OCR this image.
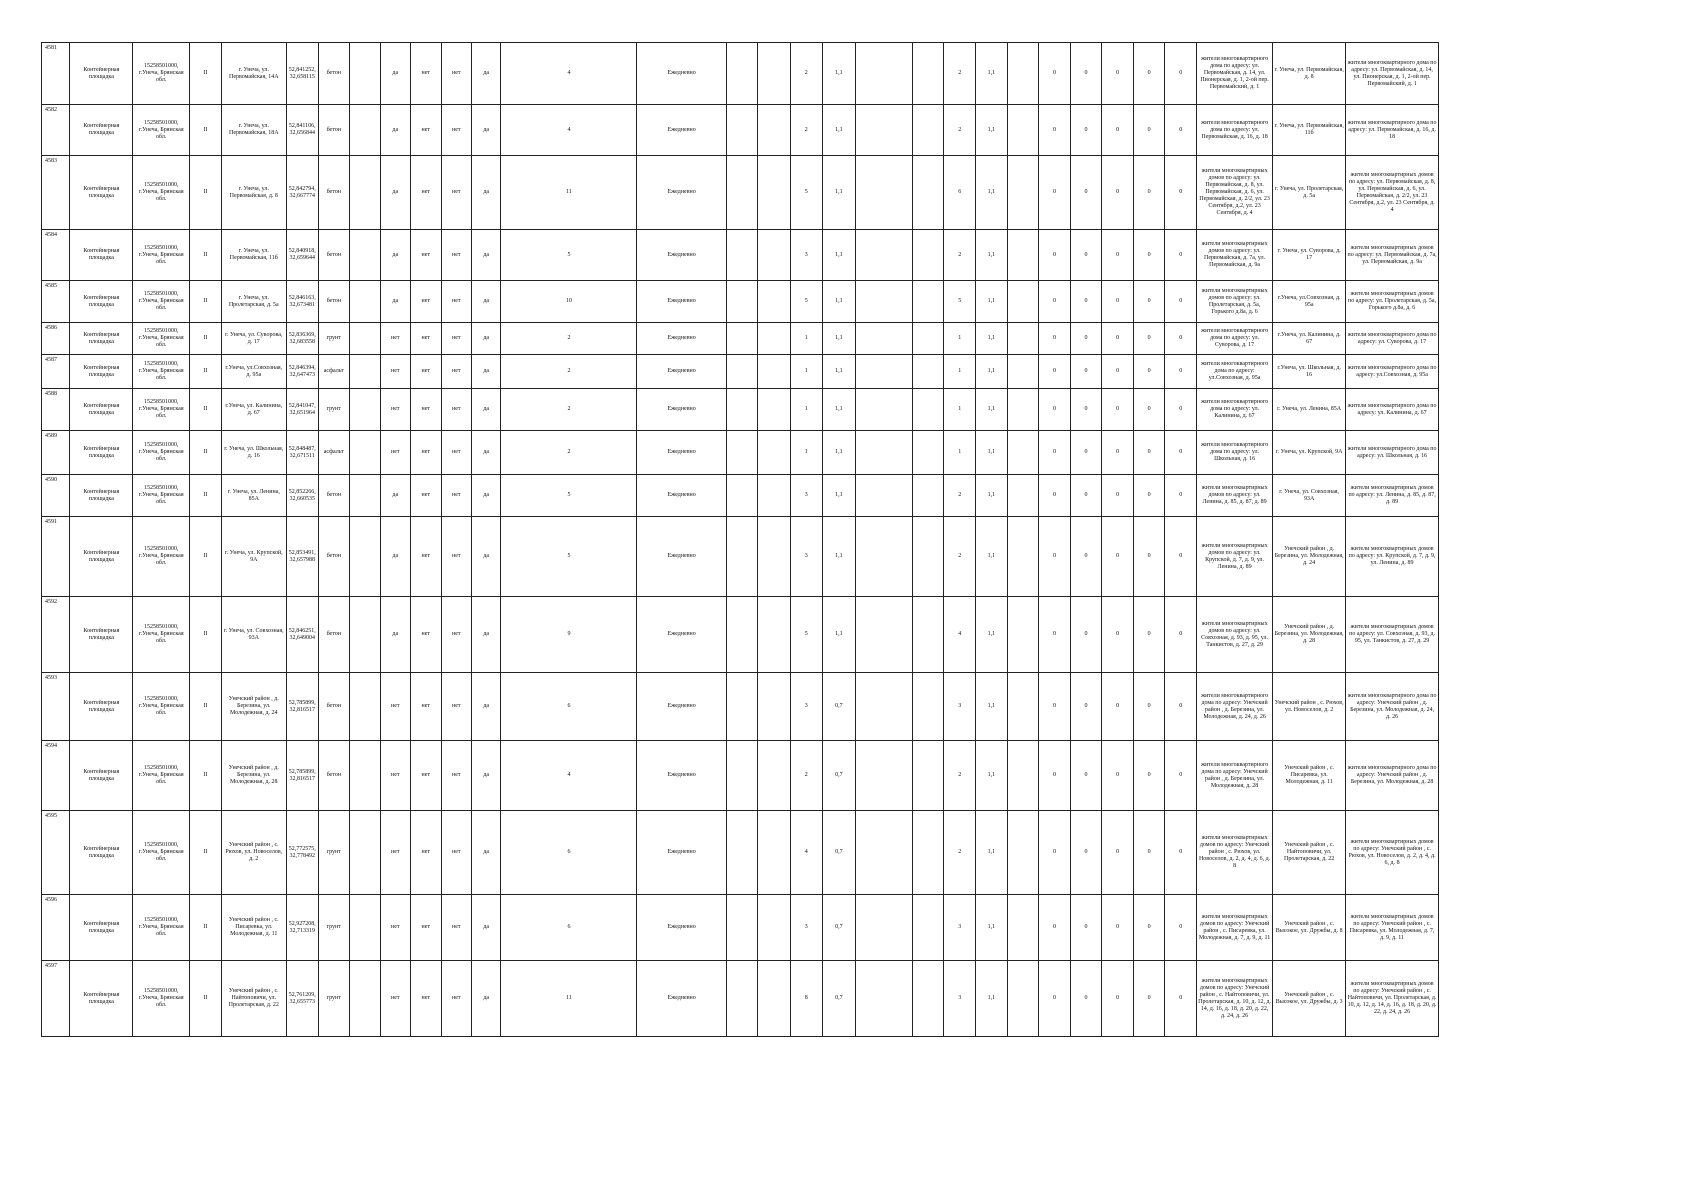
4581	Контейнерная площадка	15258501000, г.Унеча, Брянская обл.	II	г. Унеча, ул. Первомайская, 14А	52,841252, 32,658115	бетон		да	нет	нет	да	4	Ежедневно			2	1,1			2	1,1		0	0	0	0	0	жители многоквартирного дома по адресу: ул. Первомайская, д. 14, ул. Пионерская, д. 1, 2-ой пер. Первомайский, д. 1	г. Унеча, ул. Первомайская, д. 8	жители многоквартирного дома по адресу: ул. Первомайская, д. 14, ул. Пионерская, д. 1, 2-ой пер. Первомайский, д. 1
4582	Контейнерная площадка	15258501000, г.Унеча, Брянская обл.	II	г. Унеча, ул. Первомайская, 18А	52,841106, 32,656844	бетон		да	нет	нет	да	4	Ежедневно			2	1,1			2	1,1		0	0	0	0	0	жители многоквартирного дома по адресу: ул. Первомайская, д. 16, д. 18	г. Унеча, ул. Первомайская, 11б	жители многоквартирного дома по адресу: ул. Первомайская, д. 16, д. 18
4583	Контейнерная площадка	15258501000, г.Унеча, Брянская обл.	II	г. Унеча, ул. Первомайская, д. 8	52,842794, 32,667774	бетон		да	нет	нет	да	11	Ежедневно			5	1,1			6	1,1		0	0	0	0	0	жители многоквартирных домов по адресу: ул. Первомайская, д. 8, ул. Первомайская, д. 6, ул. Первомайская, д. 2/2, ул. 23 Сентября, д.2, ул. 23 Сентября, д. 4	г. Унеча, ул. Пролетарская, д. 5а	жители многоквартирных домов по адресу: ул. Первомайская, д. 8, ул. Первомайская, д. 6, ул. Первомайская, д. 2/2, ул. 23 Сентября, д.2, ул. 23 Сентября, д. 4
4584	Контейнерная площадка	15258501000, г.Унеча, Брянская обл.	II	г. Унеча, ул. Первомайская, 11б	52,840918, 32,659644	бетон		да	нет	нет	да	5	Ежедневно			3	1,1			2	1,1		0	0	0	0	0	жители многоквартирных домов по адресу: ул. Первомайская, д. 7а, ул. Первомайская, д. 9а	г. Унеча, ул. Суворова, д. 17	жители многоквартирных домов по адресу: ул. Первомайская, д. 7а, ул. Первомайская, д. 9а
4585	Контейнерная площадка	15258501000, г.Унеча, Брянская обл.	II	г. Унеча, ул. Пролетарская, д. 5а	52,846163, 32,673481	бетон		да	нет	нет	да	10	Ежедневно			5	1,1			5	1,1		0	0	0	0	0	жители многоквартирных домов по адресу: ул. Пролетарская, д. 5а, Горького д.8а, д. 6	г.Унеча, ул.Совхозная, д. 95а	жители многоквартирных домов по адресу: ул. Пролетарская, д. 5а, Горького д.8а, д. 6
4586	Контейнерная площадка	15258501000, г.Унеча, Брянская обл.	II	г. Унеча, ул. Суворова, д. 17	52,836369, 32,683558	грунт		нет	нет	нет	да	2	Ежедневно			1	1,1			1	1,1		0	0	0	0	0	жители многоквартирного дома по адресу: ул. Суворова, д. 17	г.Унеча, ул. Калинина, д. 67	жители многоквартирного дома по адресу: ул. Суворова, д. 17
4587	Контейнерная площадка	15258501000, г.Унеча, Брянская обл.	II	г.Унеча, ул.Совхозная, д. 95а	52,846394, 32,647473	асфальт		нет	нет	нет	да	2	Ежедневно			1	1,1			1	1,1		0	0	0	0	0	жители многоквартирного дома по адресу: ул.Совхозная, д. 95а	г.Унеча, ул. Школьная, д. 16	жители многоквартирного дома по адресу: ул.Совхозная, д. 95а
4588	Контейнерная площадка	15258501000, г.Унеча, Брянская обл.	II	г.Унеча, ул. Калинина, д. 67	52,841047, 32,651964	грунт		нет	нет	нет	да	2	Ежедневно			1	1,1			1	1,1		0	0	0	0	0	жители многоквартирного дома по адресу: ул. Калинина, д. 67	г. Унеча, ул. Ленина, 85А	жители многоквартирного дома по адресу: ул. Калинина, д. 67
4589	Контейнерная площадка	15258501000, г.Унеча, Брянская обл.	II	г. Унеча, ул. Школьная, д. 16	52,848487, 32,671511	асфальт		нет	нет	нет	да	2	Ежедневно			1	1,1			1	1,1		0	0	0	0	0	жители многоквартирного дома по адресу: ул. Школьная, д. 16	г. Унеча, ул. Крупской, 9А	жители многоквартирного дома по адресу: ул. Школьная, д. 16
4590	Контейнерная площадка	15258501000, г.Унеча, Брянская обл.	II	г. Унеча, ул. Ленина, 85А	52,852266, 32,660535	бетон		да	нет	нет	да	5	Ежедневно			3	1,1			2	1,1		0	0	0	0	0	жители многоквартирных домов по адресу: ул. Ленина, д. 85, д. 87, д. 89	г. Унеча, ул. Совхозная, 93А	жители многоквартирных домов по адресу: ул. Ленина, д. 85, д. 87, д. 89
4591	Контейнерная площадка	15258501000, г.Унеча, Брянская обл.	II	г. Унеча, ул. Крупской, 9А	52,853491, 32,657988	бетон		да	нет	нет	да	5	Ежедневно			3	1,1			2	1,1		0	0	0	0	0	жители многоквартирных домов по адресу: ул. Крупской, д. 7, д. 9, ул. Ленина, д. 89	Унечский район , д. Березина, ул. Молодежная, д. 24	жители многоквартирных домов по адресу: ул. Крупской, д. 7, д. 9, ул. Ленина, д. 89
4592	Контейнерная площадка	15258501000, г.Унеча, Брянская обл.	II	г. Унеча, ул. Совхозная, 93А	52,846251, 32,649004	бетон		да	нет	нет	да	9	Ежедневно			5	1,1			4	1,1		0	0	0	0	0	жители многоквартирных домов по адресу: ул. Совхозная, д. 93, д. 95, ул. Танкистов, д. 27, д. 29	Унечский район , д. Березина, ул. Молодежная, д. 28	жители многоквартирных домов по адресу: ул. Совхозная, д. 93, д. 95, ул. Танкистов, д. 27, д. 29
4593	Контейнерная площадка	15258501000, г.Унеча, Брянская обл.	II	Унечский район , д. Березина, ул. Молодежная, д. 24	52,785899, 32,816517	бетон		нет	нет	нет	да	6	Ежедневно			3	0,7			3	1,1		0	0	0	0	0	жители многоквартирного дома по адресу: Унечский район , д. Березина, ул. Молодежная, д. 24, д. 26	Унечский район , с. Рюхов, ул. Новоселов, д. 2	жители многоквартирного дома по адресу: Унечский район , д. Березина, ул. Молодежная, д. 24, д. 26
4594	Контейнерная площадка	15258501000, г.Унеча, Брянская обл.	II	Унечский район , д. Березина, ул. Молодежная, д. 28	52,785899, 32,816517	бетон		нет	нет	нет	да	4	Ежедневно			2	0,7			2	1,1		0	0	0	0	0	жители многоквартирного дома по адресу: Унечский район , д. Березина, ул. Молодежная, д. 28	Унечский район , с. Писаревка, ул. Молодежная, д. 11	жители многоквартирного дома по адресу: Унечский район , д. Березина, ул. Молодежная, д. 28
4595	Контейнерная площадка	15258501000, г.Унеча, Брянская обл.	II	Унечский район , с. Рюхов, ул. Новоселов, д. 2	52,772575, 32,778492	грунт		нет	нет	нет	да	6	Ежедневно			4	0,7			2	1,1		0	0	0	0	0	жители многоквартирных домов по адресу: Унечский район , с. Рюхов, ул. Новоселов, д. 2, д. 4, д. 6, д. 8	Унечский район , с. Найтоповичи, ул. Пролетарская, д. 22	жители многоквартирных домов по адресу: Унечский район , с. Рюхов, ул. Новоселов, д. 2, д. 4, д. 6, д. 8
4596	Контейнерная площадка	15258501000, г.Унеча, Брянская обл.	II	Унечский район , с. Писаревка, ул. Молодежная, д. 11	52,927208, 32,713319	грунт		нет	нет	нет	да	6	Ежедневно			3	0,7			3	1,1		0	0	0	0	0	жители многоквартирных домов по адресу: Унечский район , с. Писаревка, ул. Молодежная, д. 7, д. 9, д. 11	Унечский район , с. Высокое, ул. Дружбы, д. 8	жители многоквартирных домов по адресу: Унечский район , с. Писаревка, ул. Молодежная, д. 7, д. 9, д. 11
4597	Контейнерная площадка	15258501000, г.Унеча, Брянская обл.	II	Унечский район , с. Найтоповичи, ул. Пролетарская, д. 22	52,761209, 32,655773	грунт		нет	нет	нет	да	11	Ежедневно			8	0,7			3	1,1		0	0	0	0	0	жители многоквартирных домов по адресу: Унечский район , с. Найтоповичи, ул. Пролетарская, д. 10, д. 12, д. 14, д. 16, д. 18, д. 20, д. 22, д. 24, д. 26	Унечский район , с. Высокое, ул. Дружбы, д. 3	жители многоквартирных домов по адресу: Унечский район , с. Найтоповичи, ул. Пролетарская, д. 10, д. 12, д. 14, д. 16, д. 18, д. 20, д. 22, д. 24, д. 26
